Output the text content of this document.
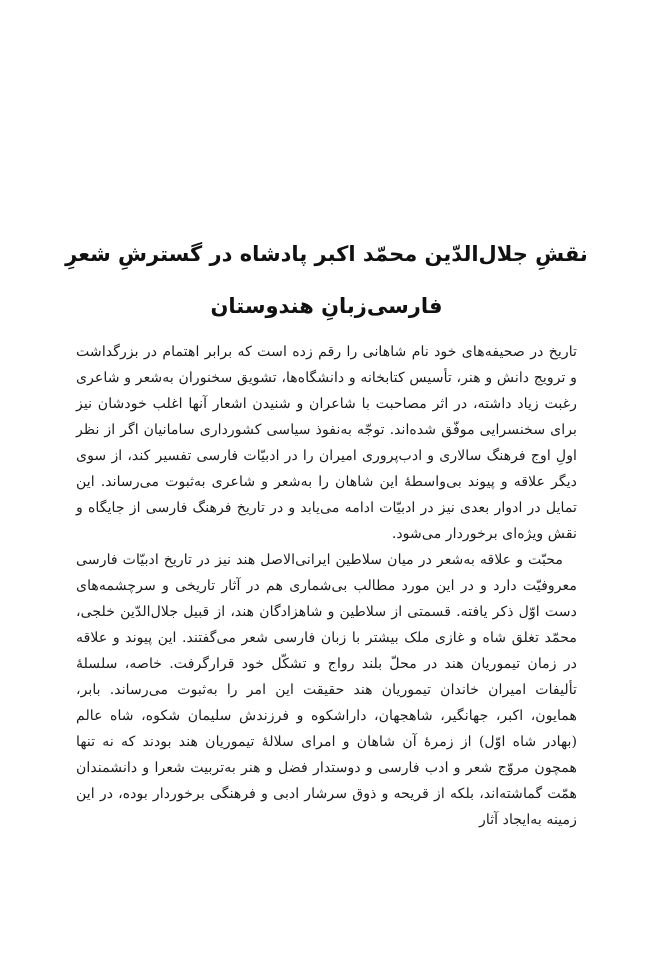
نقشِ جلال‌الدّین محمّد اکبر پادشاه در گسترشِ شعرِ
فارسی‌زبانِ هندوستان

تاریخ در صحیفه‌های خود نام شاهانی را رقم زده است که برابر اهتمام در بزرگداشت و ترویج دانش و هنر، تأسیس کتابخانه و دانشگاه‌ها، تشویق سخنوران به‌شعر و شاعری رغبت زیاد داشته، در اثر مصاحبت با شاعران و شنیدن اشعار آنها اغلب خودشان نیز برای سخنسرایی موفّق شده‌اند. توجّه به‌نفوذ سیاسی کشورداری سامانیان اگر از نظر اولِ اوج فرهنگ سالاری و ادب‌پروری امیران را در ادبیّات فارسی تفسیر کند، از سوی دیگر علاقه و پیوند بی‌واسطهٔ این شاهان را به‌شعر و شاعری به‌ثبوت می‌رساند. این تمایل در ادوار بعدی نیز در ادبیّات ادامه می‌یابد و در تاریخ فرهنگ فارسی از جایگاه و نقش ویژه‌ای برخوردار می‌شود.

محبّت و علاقه به‌شعر در میان سلاطین ایرانی‌الاصل هند نیز در تاریخ ادبیّات فارسی معروفیّت دارد و در این مورد مطالب بی‌شماری هم در آثار تاریخی و سرچشمه‌های دست اوّل ذکر یافته. قسمتی از سلاطین و شاهزادگان هند، از قبیل جلال‌الدّین خلجی، محمّد تغلق شاه و غازی ملک بیشتر با زبان فارسی شعر می‌گفتند. این پیوند و علاقه در زمان تیموریان هند در محلّ بلند رواج و تشکّل خود قرارگرفت. خاصه، سلسلهٔ تألیفات امیران خاندان تیموریان هند حقیقت این امر را به‌ثبوت می‌رساند. بابر، همایون، اکبر، جهانگیر، شاهجهان، داراشکوه و فرزندش سلیمان شکوه، شاه عالم (بهادر شاه اوّل) از زمرهٔ آن شاهان و امرای سلالهٔ تیموریان هند بودند که نه تنها همچون مروّج شعر و ادب فارسی و دوستدار فضل و هنر به‌تربیت شعرا و دانشمندان همّت گماشته‌اند، بلکه از قریحه و ذوق سرشار ادبی و فرهنگی برخوردار بوده، در این زمینه به‌ایجاد آثار
